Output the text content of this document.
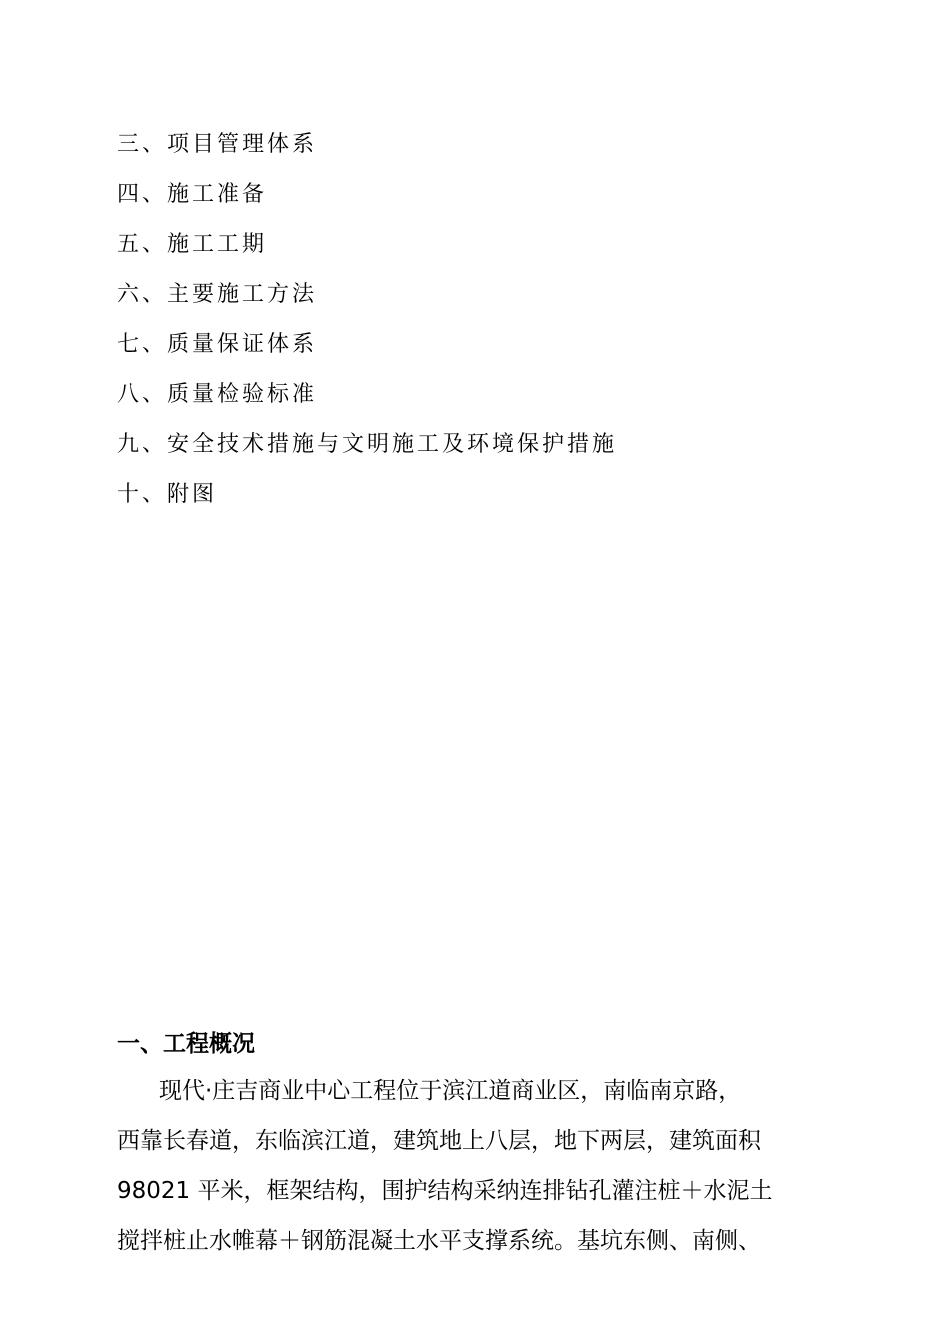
三、项目管理体系
四、施工准备
五、施工工期
六、主要施工方法
七、质量保证体系
八、质量检验标准
九、安全技术措施与文明施工及环境保护措施
十、附图
一、工程概况

现代·庄吉商业中心工程位于滨江道商业区，南临南京路，
西靠长春道，东临滨江道，建筑地上八层，地下两层，建筑面积
98021 平米，框架结构，围护结构采纳连排钻孔灌注桩＋水泥土
搅拌桩止水帷幕＋钢筋混凝土水平支撑系统。基坑东侧、南侧、
